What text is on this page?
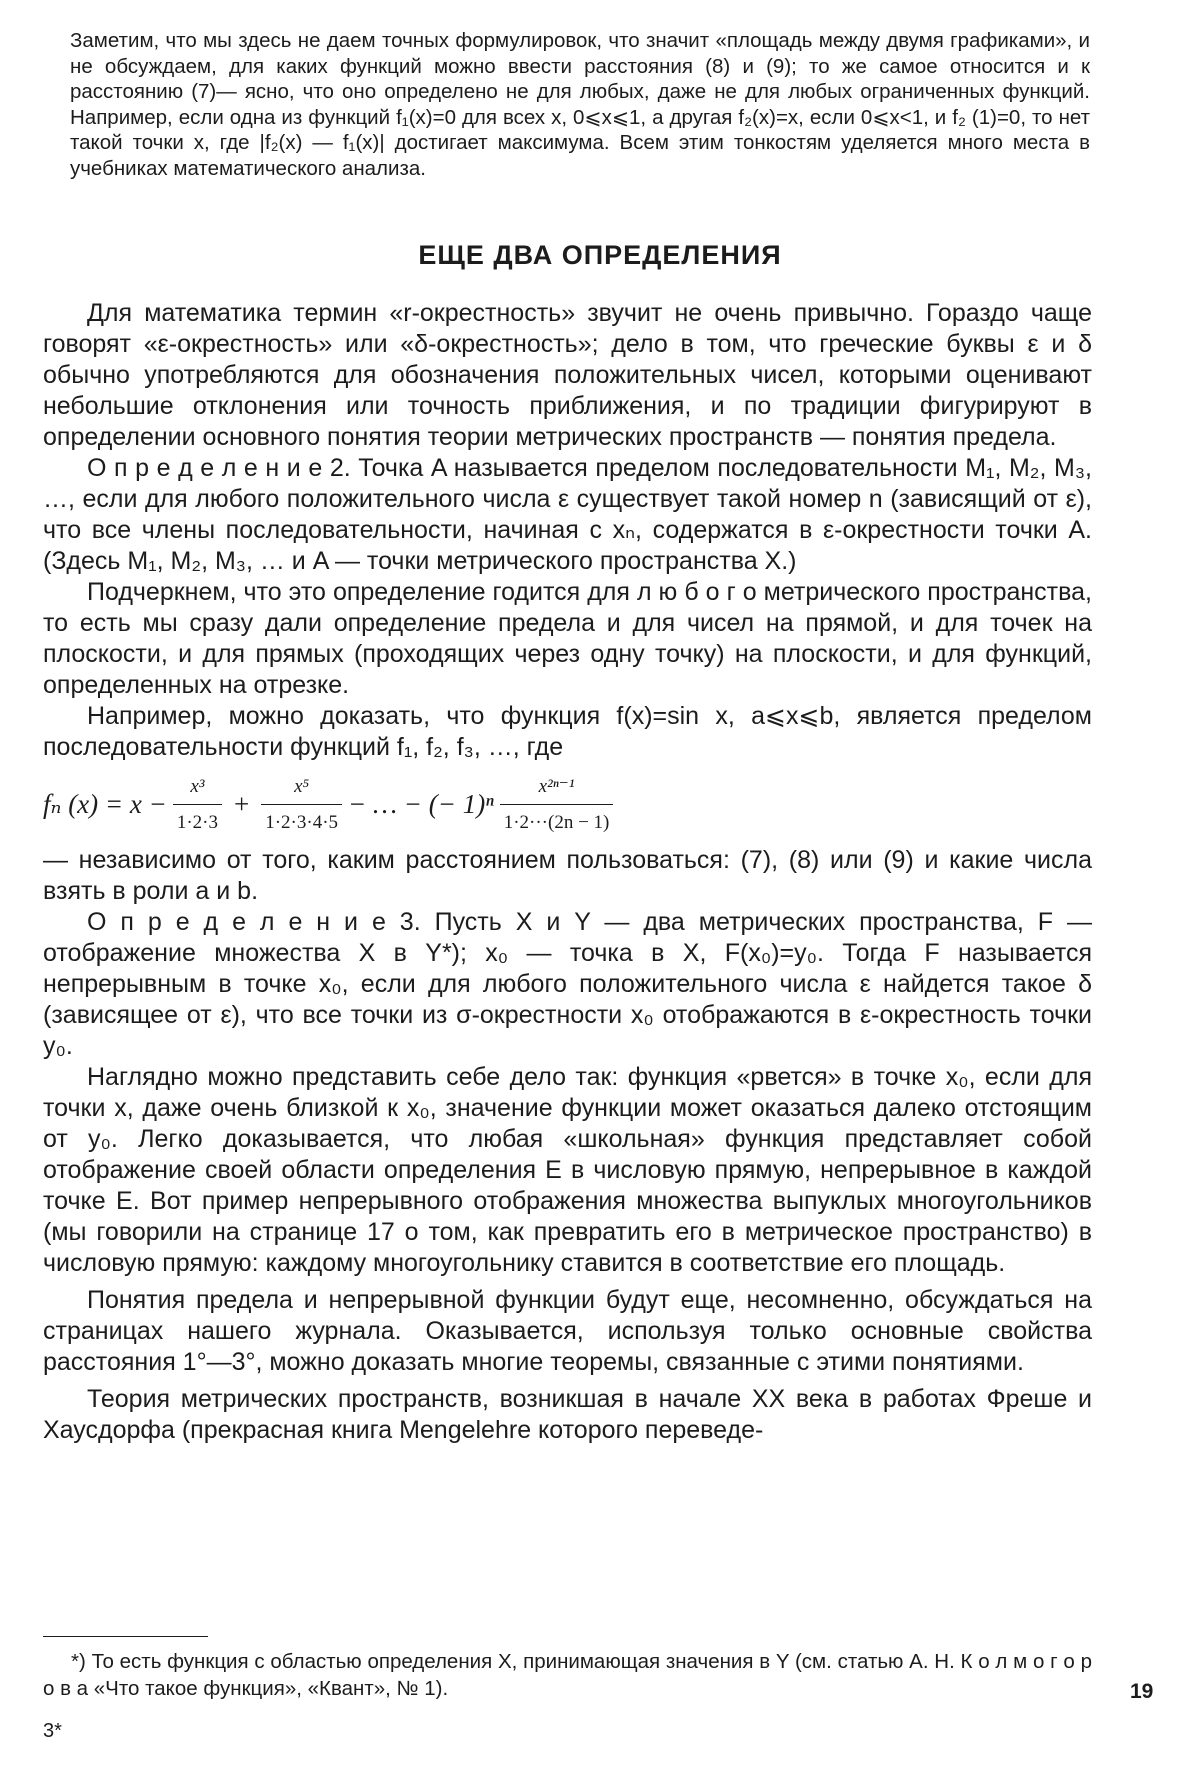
Заметим, что мы здесь не даем точных формулировок, что значит «площадь между двумя графиками», и не обсуждаем, для каких функций можно ввести расстояния (8) и (9); то же самое относится и к расстоянию (7)— ясно, что оно определено не для любых, даже не для любых ограниченных функций. Например, если одна из функций f₁(x)=0 для всех x, 0⩽x⩽1, а другая f₂(x)=x, если 0⩽x<1, и f₂ (1)=0, то нет такой точки x, где |f₂(x) — f₁(x)| достигает максимума. Всем этим тонкостям уделяется много места в учебниках математического анализа.

ЕЩЕ ДВА ОПРЕДЕЛЕНИЯ

Для математика термин «r-окрестность» звучит не очень привычно. Гораздо чаще говорят «ε-окрестность» или «δ-окрестность»; дело в том, что греческие буквы ε и δ обычно употребляются для обозначения положительных чисел, которыми оценивают небольшие отклонения или точность приближения, и по традиции фигурируют в определении основного понятия теории метрических пространств — понятия предела.

О п р е д е л е н и е 2. Точка A называется пределом последовательности M₁, M₂, M₃, …, если для любого положительного числа ε существует такой номер n (зависящий от ε), что все члены последовательности, начиная с xₙ, содержатся в ε-окрестности точки A. (Здесь M₁, M₂, M₃, … и A — точки метрического пространства X.)

Подчеркнем, что это определение годится для л ю б о г о метрического пространства, то есть мы сразу дали определение предела и для чисел на прямой, и для точек на плоскости, и для прямых (проходящих через одну точку) на плоскости, и для функций, определенных на отрезке.

Например, можно доказать, что функция f(x)=sin x, a⩽x⩽b, является пределом последовательности функций f₁, f₂, f₃, …, где

fₙ $(x) = x - \frac{\text{x³}}{1\cdot 2\cdot 3} + \frac{\text{x⁵}}{1\cdot 2\cdot 3\cdot 4\cdot 5}$ − … − (− $1)^n \frac{\text{x²ⁿ⁻¹}}{1\cdot 2\cdot\cdot\cdot(2n - 1)}$

— независимо от того, каким расстоянием пользоваться: (7), (8) или (9) и какие числа взять в роли a и b.

О п р е д е л е н и е 3. Пусть X и Y — два метрических пространства, F — отображение множества X в Y*); x₀ — точка в X, F(x₀)=y₀. Тогда F называется непрерывным в точке x₀, если для любого положительного числа ε найдется такое δ (зависящее от ε), что все точки из σ-окрестности x₀ отображаются в ε-окрестность точки y₀.

Наглядно можно представить себе дело так: функция «рвется» в точке x₀, если для точки x, даже очень близкой к x₀, значение функции может оказаться далеко отстоящим от y₀. Легко доказывается, что любая «школьная» функция представляет собой отображение своей области определения E в числовую прямую, непрерывное в каждой точке E. Вот пример непрерывного отображения множества выпуклых многоугольников (мы говорили на странице 17 о том, как превратить его в метрическое пространство) в числовую прямую: каждому многоугольнику ставится в соответствие его площадь.

Понятия предела и непрерывной функции будут еще, несомненно, обсуждаться на страницах нашего журнала. Оказывается, используя только основные свойства расстояния 1°—3°, можно доказать многие теоремы, связанные с этими понятиями.

Теория метрических пространств, возникшая в начале XX века в работах Фреше и Хаусдорфа (прекрасная книга Mengelehre которого переведе-

*) То есть функция с областью определения X, принимающая значения в Y (см. статью А. Н. К о л м о г о р о в а «Что такое функция», «Квант», № 1).

3*

19
